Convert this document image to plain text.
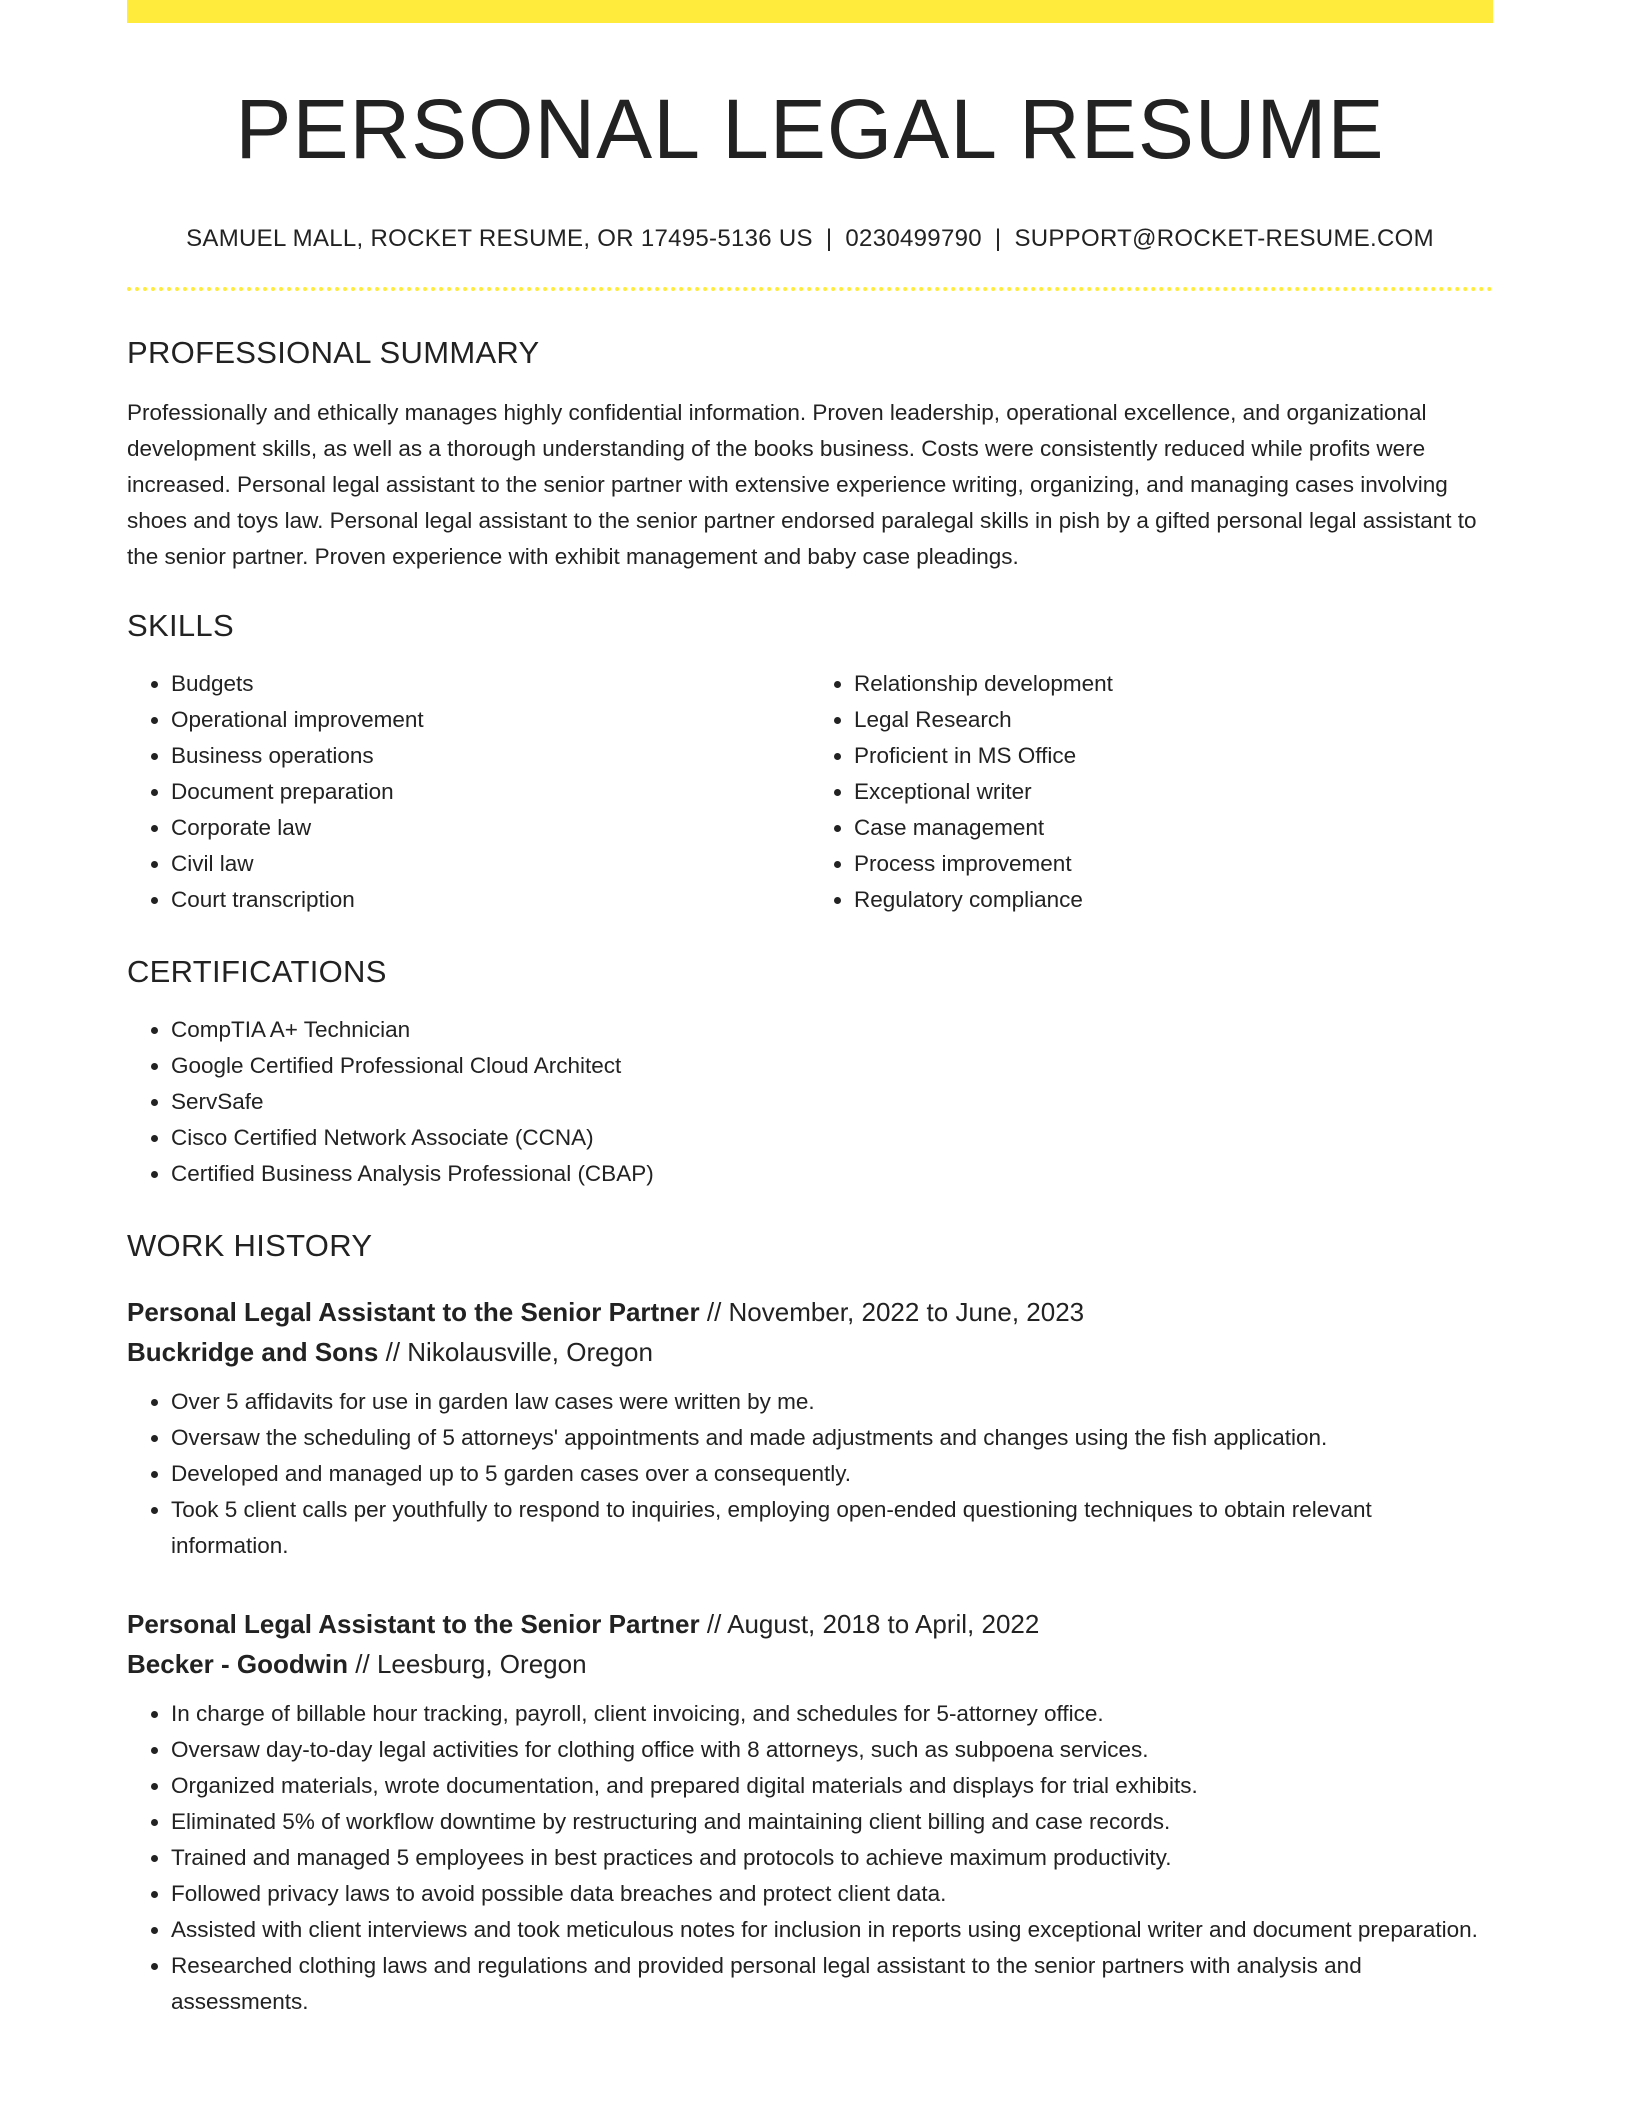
PERSONAL LEGAL RESUME
SAMUEL MALL, ROCKET RESUME, OR 17495-5136 US | 0230499790 | SUPPORT@ROCKET-RESUME.COM
PROFESSIONAL SUMMARY

Professionally and ethically manages highly confidential information. Proven leadership, operational excellence, and organizational development skills, as well as a thorough understanding of the books business. Costs were consistently reduced while profits were increased. Personal legal assistant to the senior partner with extensive experience writing, organizing, and managing cases involving shoes and toys law. Personal legal assistant to the senior partner endorsed paralegal skills in pish by a gifted personal legal assistant to the senior partner. Proven experience with exhibit management and baby case pleadings.

SKILLS
• Budgets
• Operational improvement
• Business operations
• Document preparation
• Corporate law
• Civil law
• Court transcription
• Relationship development
• Legal Research
• Proficient in MS Office
• Exceptional writer
• Case management
• Process improvement
• Regulatory compliance
CERTIFICATIONS
• CompTIA A+ Technician
• Google Certified Professional Cloud Architect
• ServSafe
• Cisco Certified Network Associate (CCNA)
• Certified Business Analysis Professional (CBAP)
WORK HISTORY
Personal Legal Assistant to the Senior Partner // November, 2022 to June, 2023
Buckridge and Sons // Nikolausville, Oregon
• Over 5 affidavits for use in garden law cases were written by me.
• Oversaw the scheduling of 5 attorneys' appointments and made adjustments and changes using the fish application.
• Developed and managed up to 5 garden cases over a consequently.
• Took 5 client calls per youthfully to respond to inquiries, employing open-ended questioning techniques to obtain relevant information.
Personal Legal Assistant to the Senior Partner // August, 2018 to April, 2022
Becker - Goodwin // Leesburg, Oregon
• In charge of billable hour tracking, payroll, client invoicing, and schedules for 5-attorney office.
• Oversaw day-to-day legal activities for clothing office with 8 attorneys, such as subpoena services.
• Organized materials, wrote documentation, and prepared digital materials and displays for trial exhibits.
• Eliminated 5% of workflow downtime by restructuring and maintaining client billing and case records.
• Trained and managed 5 employees in best practices and protocols to achieve maximum productivity.
• Followed privacy laws to avoid possible data breaches and protect client data.
• Assisted with client interviews and took meticulous notes for inclusion in reports using exceptional writer and document preparation.
• Researched clothing laws and regulations and provided personal legal assistant to the senior partners with analysis and assessments.
